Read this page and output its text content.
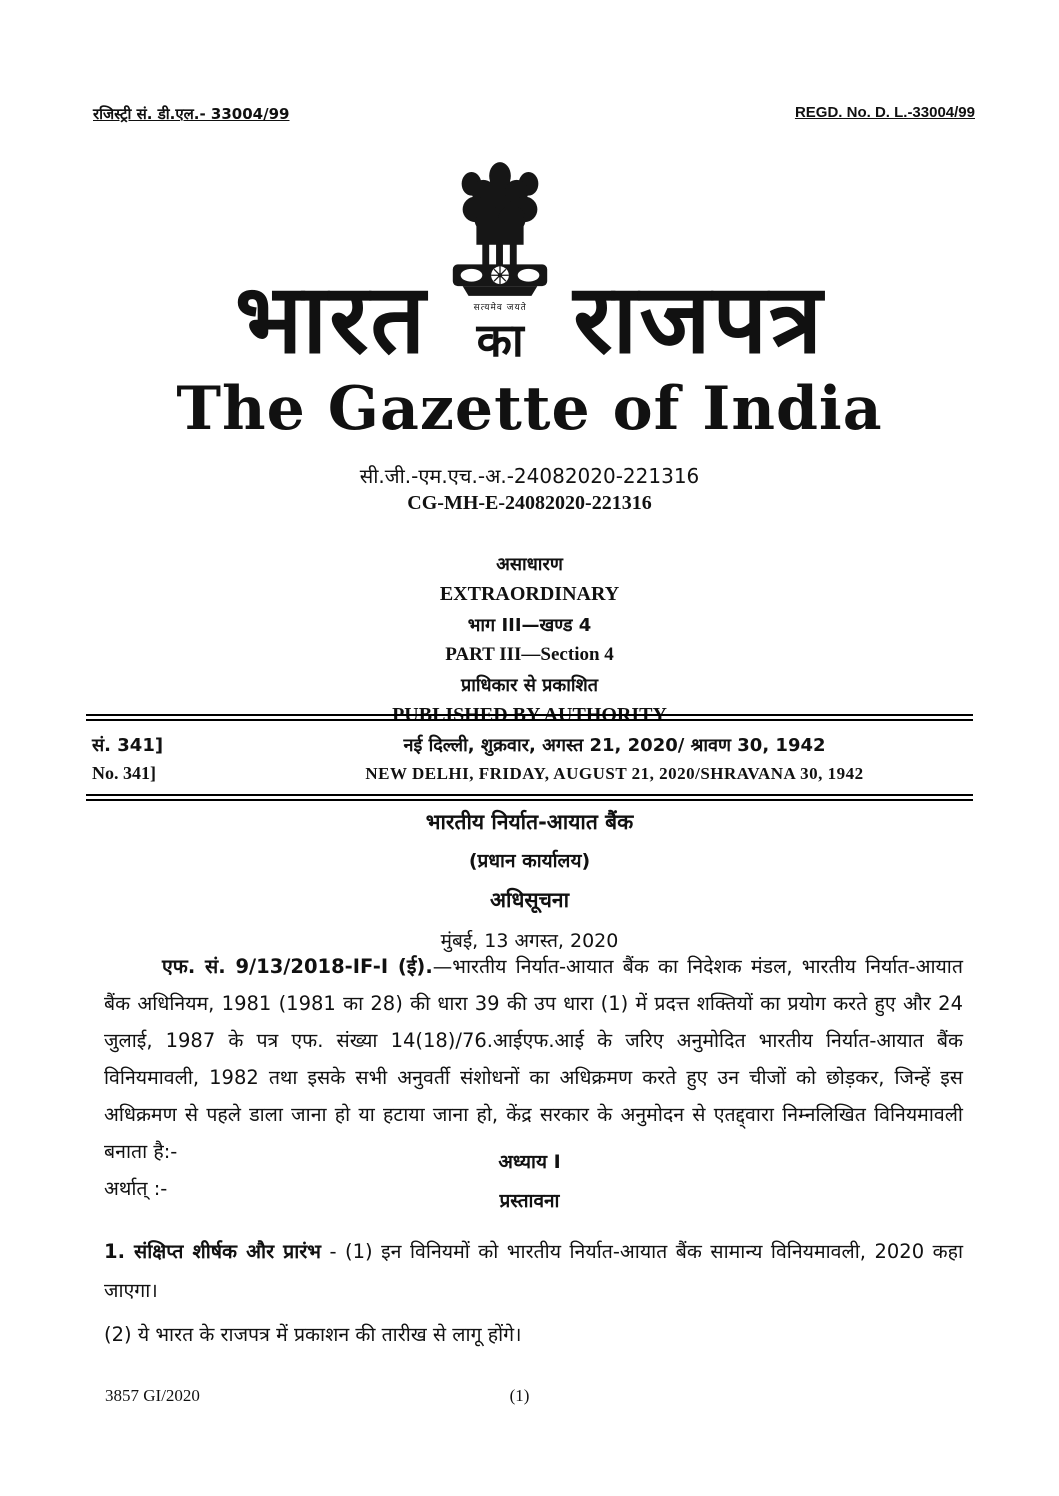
रजिस्ट्री सं. डी.एल.- 33004/99	REGD. No. D. L.-33004/99
भारत	सत्यमेव जयते
का राजपत्र
The Gazette of India
सी.जी.-एम.एच.-अ.-24082020-221316
CG-MH-E-24082020-221316
असाधारण
EXTRAORDINARY
भाग III—खण्ड 4
PART III—Section 4
प्राधिकार से प्रकाशित
PUBLISHED BY AUTHORITY
सं. 341]	नई दिल्ली, शुक्रवार, अगस्त 21, 2020/ श्रावण 30, 1942
No. 341]	NEW DELHI, FRIDAY, AUGUST 21, 2020/SHRAVANA 30, 1942
भारतीय निर्यात-आयात बैंक
(प्रधान कार्यालय)
अधिसूचना
मुंबई, 13 अगस्त, 2020
एफ. सं. 9/13/2018-IF-I (ई).—भारतीय निर्यात-आयात बैंक का निदेशक मंडल, भारतीय निर्यात-आयात बैंक अधिनियम, 1981 (1981 का 28) की धारा 39 की उप धारा (1) में प्रदत्त शक्तियों का प्रयोग करते हुए और 24 जुलाई, 1987 के पत्र एफ. संख्या 14(18)/76.आईएफ.आई के जरिए अनुमोदित भारतीय निर्यात-आयात बैंक विनियमावली, 1982 तथा इसके सभी अनुवर्ती संशोधनों का अधिक्रमण करते हुए उन चीजों को छोड़कर, जिन्हें इस अधिक्रमण से पहले डाला जाना हो या हटाया जाना हो, केंद्र सरकार के अनुमोदन से एतद्द्वारा निम्नलिखित विनियमावली बनाता है:-
अर्थात् :-
अध्याय I
प्रस्तावना
1. संक्षिप्त शीर्षक और प्रारंभ - (1) इन विनियमों को भारतीय निर्यात-आयात बैंक सामान्य विनियमावली, 2020 कहा जाएगा।
(2) ये भारत के राजपत्र में प्रकाशन की तारीख से लागू होंगे।
(1)
3857 GI/2020
